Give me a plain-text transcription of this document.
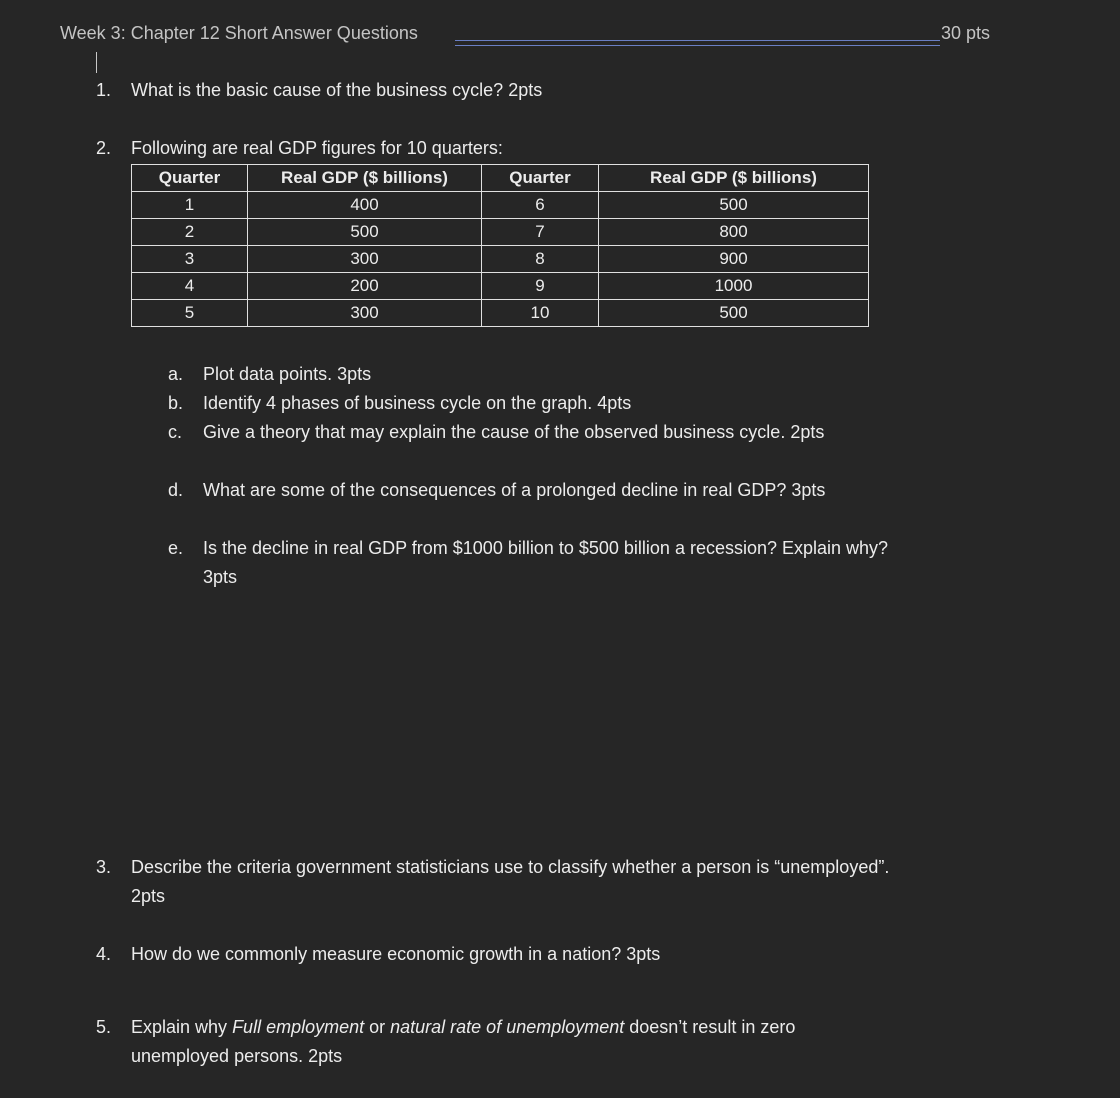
Week 3: Chapter 12 Short Answer Questions	30 pts
1. What is the basic cause of the business cycle? 2pts
2. Following are real GDP figures for 10 quarters:
Quarter	Real GDP ($ billions)	Quarter	Real GDP ($ billions)
1	400	6	500
2	500	7	800
3	300	8	900
4	200	9	1000
5	300	10	500
a. Plot data points. 3pts
b. Identify 4 phases of business cycle on the graph. 4pts
c. Give a theory that may explain the cause of the observed business cycle. 2pts
d. What are some of the consequences of a prolonged decline in real GDP? 3pts
e. Is the decline in real GDP from $1000 billion to $500 billion a recession? Explain why?
3pts
3. Describe the criteria government statisticians use to classify whether a person is “unemployed”.
2pts
4. How do we commonly measure economic growth in a nation? 3pts
5. Explain why Full employment or natural rate of unemployment doesn’t result in zero
unemployed persons. 2pts
